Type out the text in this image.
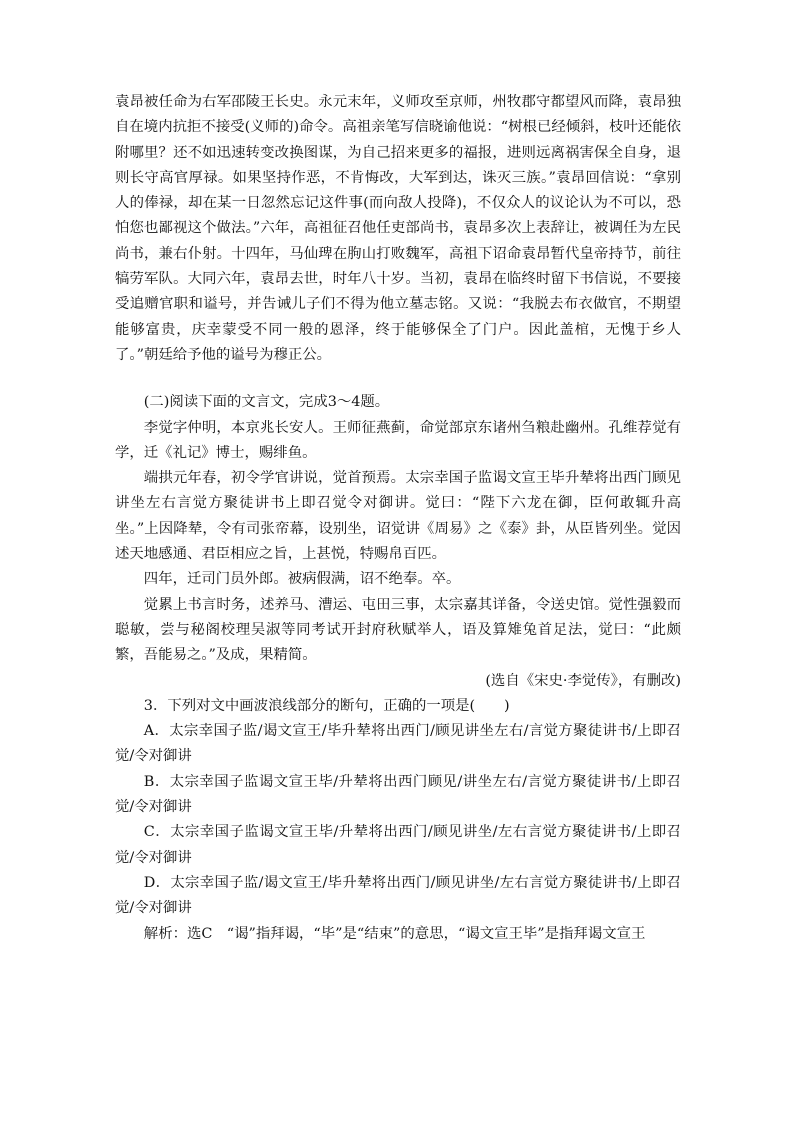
袁昂被任命为右军邵陵王长史。永元末年，义师攻至京师，州牧郡守都望风而降，袁昂独自在境内抗拒不接受(义师的)命令。高祖亲笔写信晓谕他说：“树根已经倾斜，枝叶还能依附哪里？还不如迅速转变改换图谋，为自己招来更多的福报，进则远离祸害保全自身，退则长守高官厚禄。如果坚持作恶，不肯悔改，大军到达，诛灭三族。”袁昂回信说：“拿别人的俸禄，却在某一日忽然忘记这件事(而向敌人投降)，不仅众人的议论认为不可以，恐怕您也鄙视这个做法。”六年，高祖征召他任吏部尚书，袁昂多次上表辞让，被调任为左民尚书，兼右仆射。十四年，马仙琕在朐山打败魏军，高祖下诏命袁昂暂代皇帝持节，前往犒劳军队。大同六年，袁昂去世，时年八十岁。当初，袁昂在临终时留下书信说，不要接受追赠官职和谥号，并告诫儿子们不得为他立墓志铭。又说：“我脱去布衣做官，不期望能够富贵，庆幸蒙受不同一般的恩泽，终于能够保全了门户。因此盖棺，无愧于乡人了。”朝廷给予他的谥号为穆正公。

(二)阅读下面的文言文，完成3～4题。

李觉字仲明，本京兆长安人。王师征燕蓟，命觉部京东诸州刍粮赴幽州。孔维荐觉有学，迁《礼记》博士，赐绯鱼。

端拱元年春，初令学官讲说，觉首预焉。太宗幸国子监谒文宣王毕升辇将出西门顾见讲坐左右言觉方聚徒讲书上即召觉令对御讲。觉曰：“陛下六龙在御，臣何敢辄升高坐。”上因降辇，令有司张帟幕，设别坐，诏觉讲《周易》之《泰》卦，从臣皆列坐。觉因述天地感通、君臣相应之旨，上甚悦，特赐帛百匹。

四年，迁司门员外郎。被病假满，诏不绝奉。卒。

觉累上书言时务，述养马、漕运、屯田三事，太宗嘉其详备，令送史馆。觉性强毅而聪敏，尝与秘阁校理吴淑等同考试开封府秋赋举人，语及算雉兔首足法，觉曰：“此颇繁，吾能易之。”及成，果精简。

(选自《宋史·李觉传》，有删改)

3．下列对文中画波浪线部分的断句，正确的一项是(　　)

A．太宗幸国子监/谒文宣王/毕升辇将出西门/顾见讲坐左右/言觉方聚徒讲书/上即召觉/令对御讲

B．太宗幸国子监谒文宣王毕/升辇将出西门顾见/讲坐左右/言觉方聚徒讲书/上即召觉/令对御讲

C．太宗幸国子监谒文宣王毕/升辇将出西门/顾见讲坐/左右言觉方聚徒讲书/上即召觉/令对御讲

D．太宗幸国子监/谒文宣王/毕升辇将出西门/顾见讲坐/左右言觉方聚徒讲书/上即召觉/令对御讲

解析：选C　“谒”指拜谒，“毕”是“结束”的意思，“谒文宣王毕”是指拜谒文宣王
